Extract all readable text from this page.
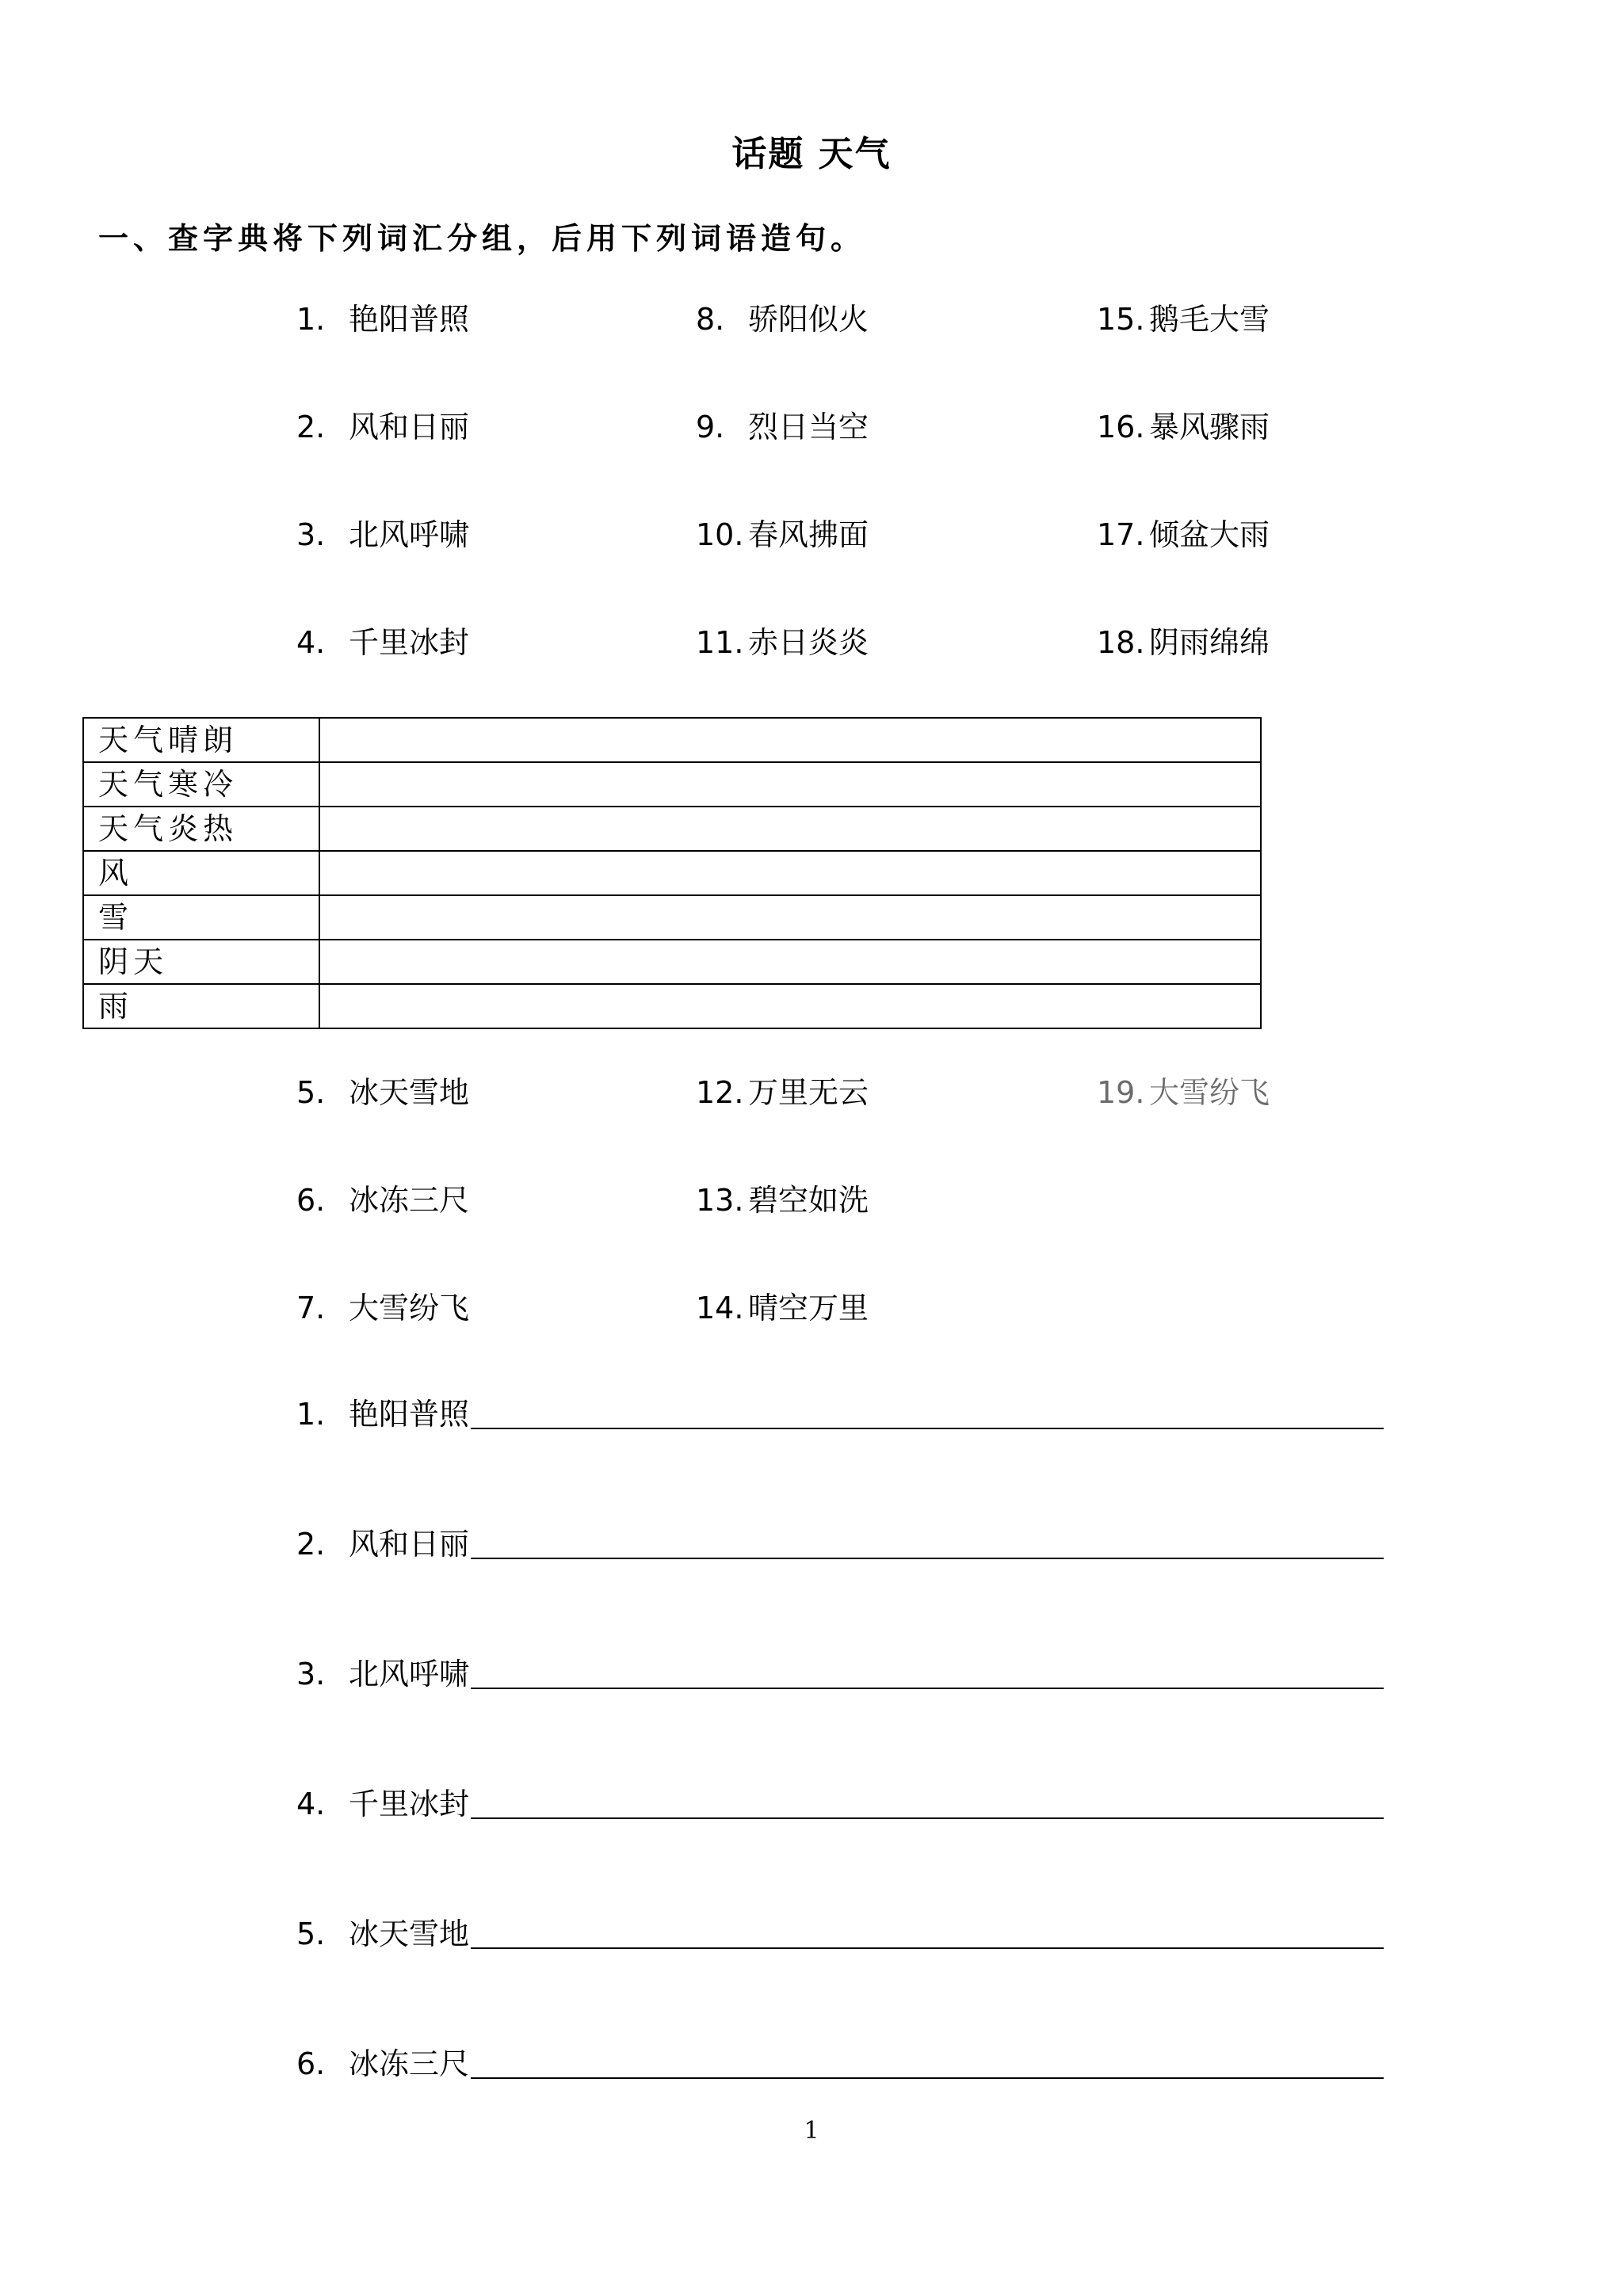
话题 天气
一、查字典将下列词汇分组，后用下列词语造句。
1. 艳阳普照
2. 风和日丽
3. 北风呼啸
4. 千里冰封
8. 骄阳似火
9. 烈日当空
10. 春风拂面
11. 赤日炎炎
15. 鹅毛大雪
16. 暴风骤雨
17. 倾盆大雨
18. 阴雨绵绵
天气晴朗	
天气寒冷	
天气炎热	
风	
雪	
阴天	
雨	
5. 冰天雪地
6. 冰冻三尺
7. 大雪纷飞
12. 万里无云
13. 碧空如洗
14. 晴空万里
19. 大雪纷飞
1. 艳阳普照
2. 风和日丽
3. 北风呼啸
4. 千里冰封
5. 冰天雪地
6. 冰冻三尺
1
